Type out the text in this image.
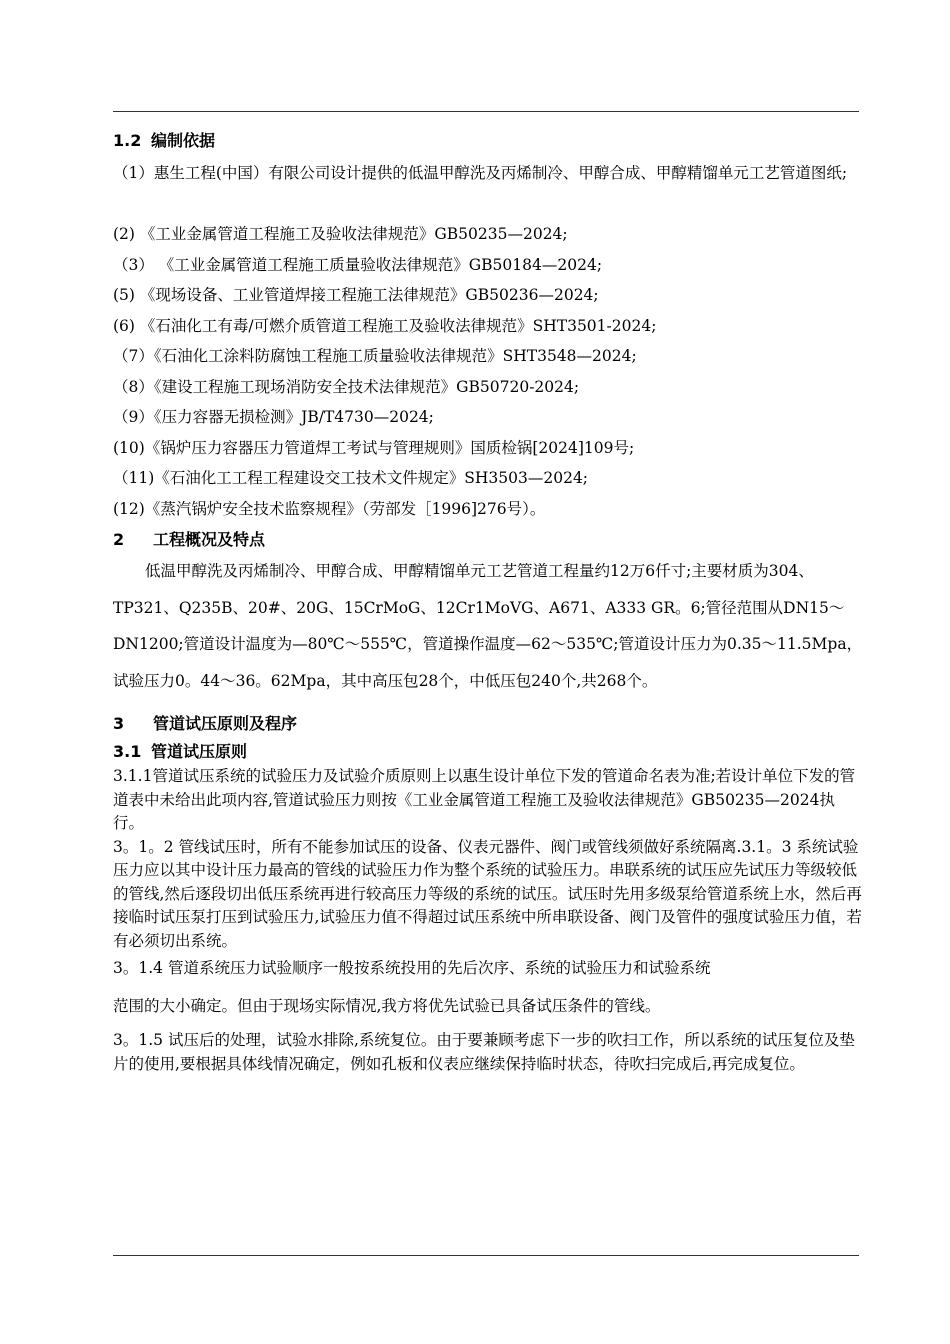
1.2 编制依据
（1）惠生工程(中国）有限公司设计提供的低温甲醇洗及丙烯制冷、甲醇合成、甲醇精馏单元工艺管道图纸;
(2) 《工业金属管道工程施工及验收法律规范》GB50235—2024;
（3） 《工业金属管道工程施工质量验收法律规范》GB50184—2024;
(5) 《现场设备、工业管道焊接工程施工法律规范》GB50236—2024;
(6) 《石油化工有毒/可燃介质管道工程施工及验收法律规范》SHT3501-2024;
（7）《石油化工涂料防腐蚀工程施工质量验收法律规范》SHT3548—2024;
（8）《建设工程施工现场消防安全技术法律规范》GB50720-2024;
（9）《压力容器无损检测》JB/T4730—2024;
(10)《锅炉压力容器压力管道焊工考试与管理规则》国质检锅[2024]109号;
（11)《石油化工工程工程建设交工技术文件规定》SH3503—2024;
(12)《蒸汽锅炉安全技术监察规程》（劳部发［1996]276号）。
2 工程概况及特点
低温甲醇洗及丙烯制冷、甲醇合成、甲醇精馏单元工艺管道工程量约12万6仟寸;主要材质为304、TP321、Q235B、20#、20G、15CrMoG、12Cr1MoVG、A671、A333 GR。6;管径范围从DN15～DN1200;管道设计温度为—80℃～555℃，管道操作温度—62～535℃;管道设计压力为0.35～11.5Mpa，试验压力0。44～36。62Mpa，其中高压包28个，中低压包240个,共268个。
3 管道试压原则及程序
3.1 管道试压原则
3.1.1管道试压系统的试验压力及试验介质原则上以惠生设计单位下发的管道命名表为准;若设计单位下发的管道表中未给出此项内容,管道试验压力则按《工业金属管道工程施工及验收法律规范》GB50235—2024执行。
3。1。2 管线试压时，所有不能参加试压的设备、仪表元器件、阀门或管线须做好系统隔离.3.1。3 系统试验压力应以其中设计压力最高的管线的试验压力作为整个系统的试验压力。串联系统的试压应先试压力等级较低的管线,然后逐段切出低压系统再进行较高压力等级的系统的试压。试压时先用多级泵给管道系统上水，然后再接临时试压泵打压到试验压力,试验压力值不得超过试压系统中所串联设备、阀门及管件的强度试验压力值，若有必须切出系统。
3。1.4 管道系统压力试验顺序一般按系统投用的先后次序、系统的试验压力和试验系统
范围的大小确定。但由于现场实际情况,我方将优先试验已具备试压条件的管线。
3。1.5 试压后的处理，试验水排除,系统复位。由于要兼顾考虑下一步的吹扫工作，所以系统的试压复位及垫片的使用,要根据具体线情况确定，例如孔板和仪表应继续保持临时状态，待吹扫完成后,再完成复位。
